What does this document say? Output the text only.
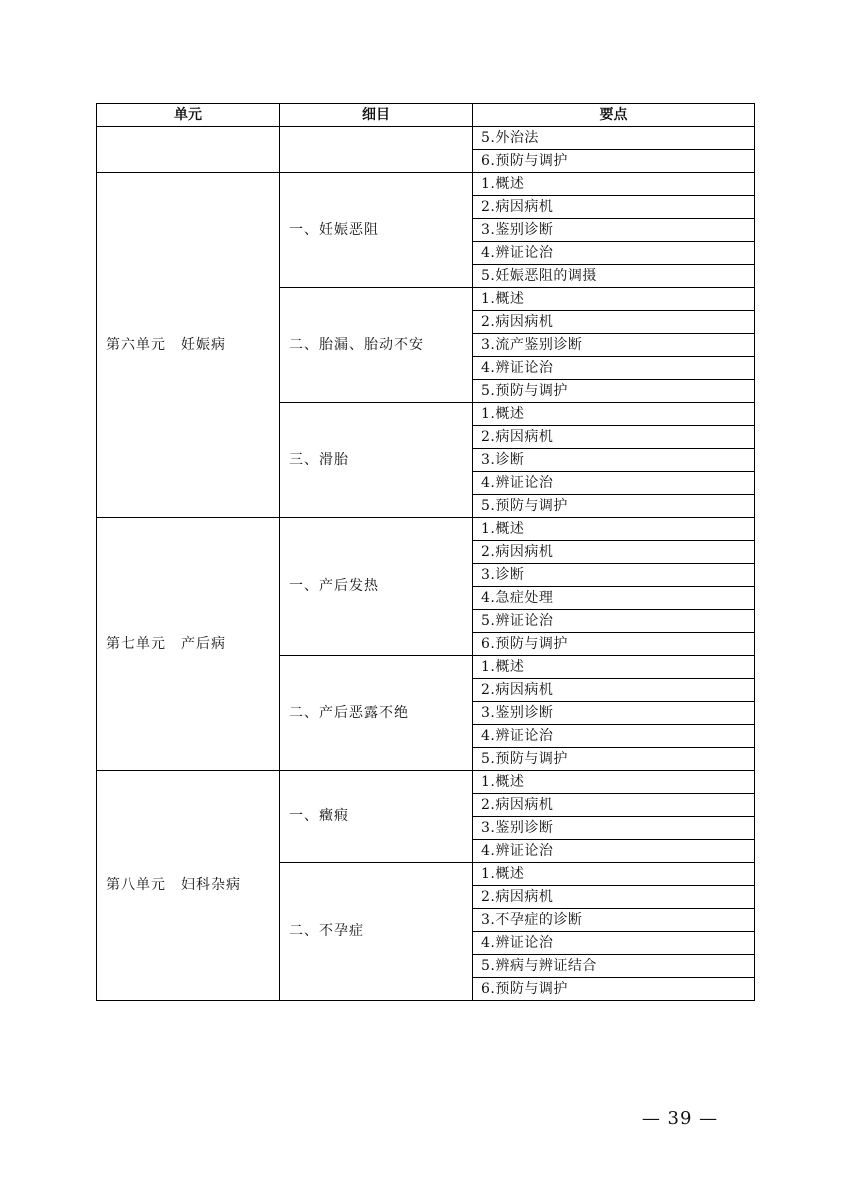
单元	细目	要点
		5.外治法
		6.预防与调护
第六单元　妊娠病	一、妊娠恶阻	1.概述
		2.病因病机
		3.鉴别诊断
		4.辨证论治
		5.妊娠恶阻的调摄
	二、胎漏、胎动不安	1.概述
		2.病因病机
		3.流产鉴别诊断
		4.辨证论治
		5.预防与调护
	三、滑胎	1.概述
		2.病因病机
		3.诊断
		4.辨证论治
		5.预防与调护
第七单元　产后病	一、产后发热	1.概述
		2.病因病机
		3.诊断
		4.急症处理
		5.辨证论治
		6.预防与调护
	二、产后恶露不绝	1.概述
		2.病因病机
		3.鉴别诊断
		4.辨证论治
		5.预防与调护
第八单元　妇科杂病	一、癥瘕	1.概述
		2.病因病机
		3.鉴别诊断
		4.辨证论治
	二、不孕症	1.概述
		2.病因病机
		3.不孕症的诊断
		4.辨证论治
		5.辨病与辨证结合
		6.预防与调护
— 39 —
